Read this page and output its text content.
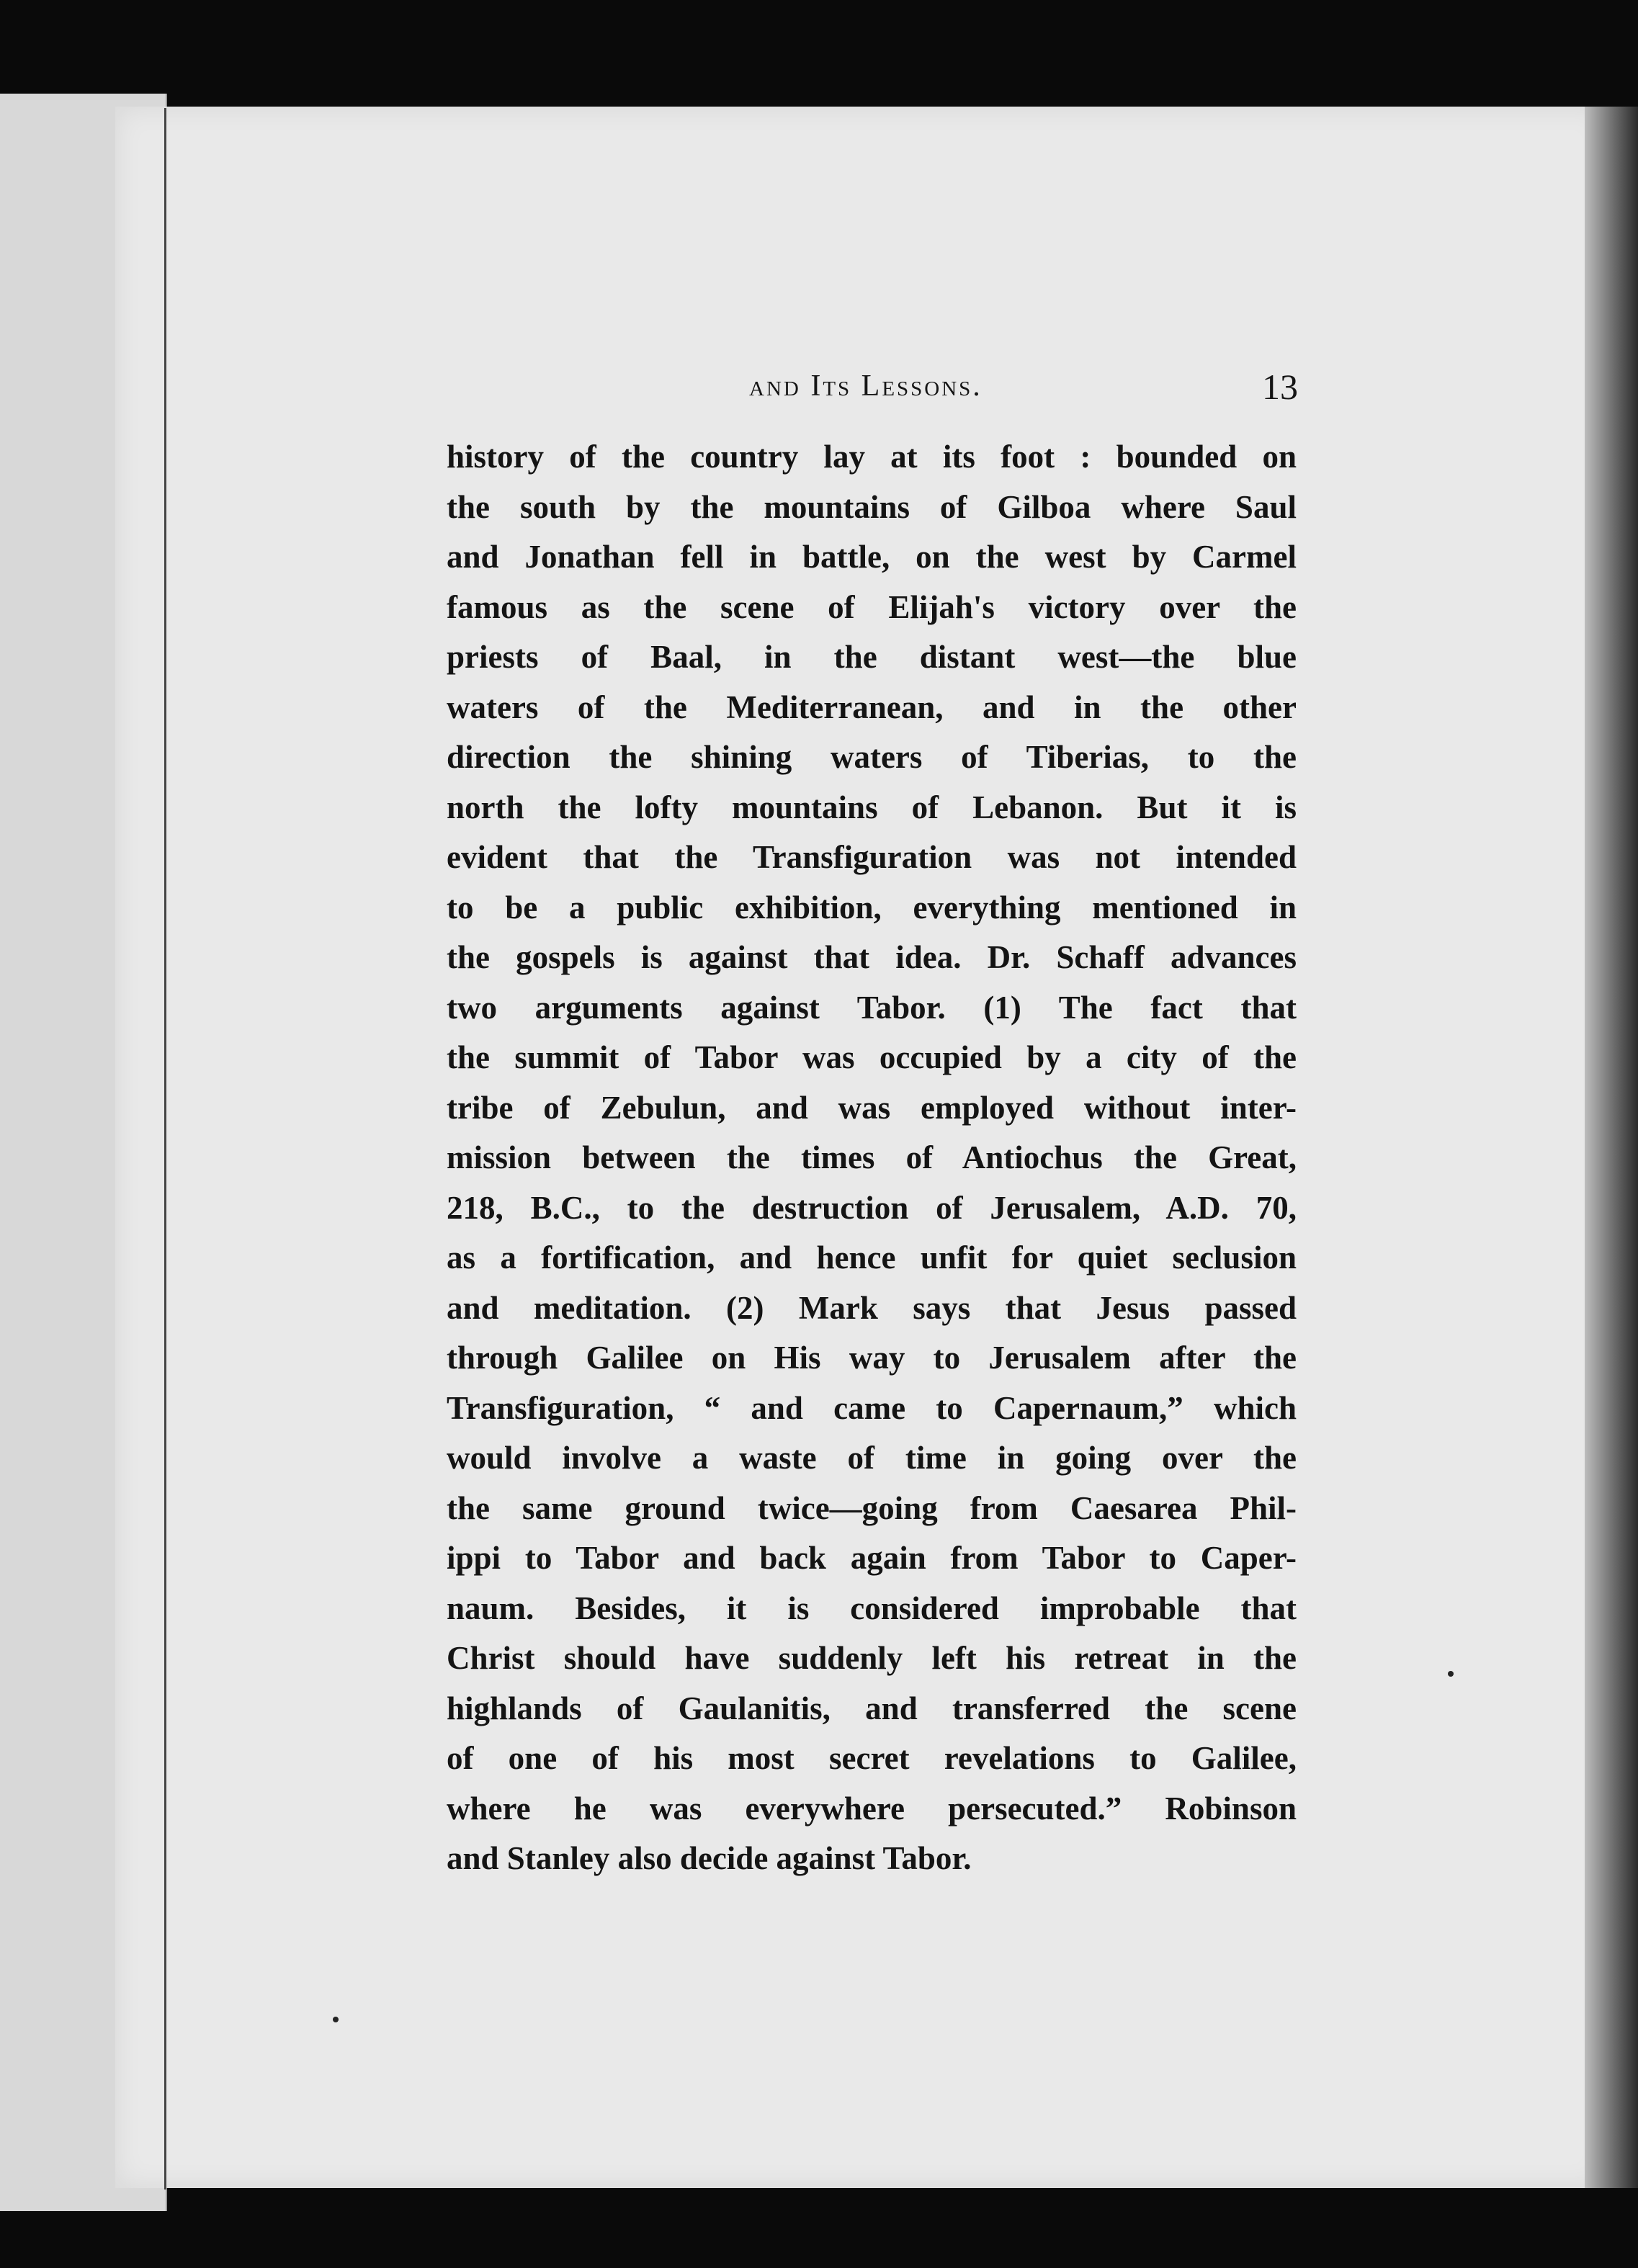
and Its Lessons.	13
history of the country lay at its foot : bounded on
the south by the mountains of Gilboa where Saul
and Jonathan fell in battle, on the west by Carmel
famous as the scene of Elijah's victory over the
priests of Baal, in the distant west—the blue
waters of the Mediterranean, and in the other
direction the shining waters of Tiberias, to the
north the lofty mountains of Lebanon. But it is
evident that the Transfiguration was not intended
to be a public exhibition, everything mentioned in
the gospels is against that idea. Dr. Schaff advances
two arguments against Tabor. (1) The fact that
the summit of Tabor was occupied by a city of the
tribe of Zebulun, and was employed without inter-
mission between the times of Antiochus the Great,
218, B.C., to the destruction of Jerusalem, A.D. 70,
as a fortification, and hence unfit for quiet seclusion
and meditation. (2) Mark says that Jesus passed
through Galilee on His way to Jerusalem after the
Transfiguration, “ and came to Capernaum,” which
would involve a waste of time in going over the
the same ground twice—going from Caesarea Phil-
ippi to Tabor and back again from Tabor to Caper-
naum. Besides, it is considered improbable that
Christ should have suddenly left his retreat in the
highlands of Gaulanitis, and transferred the scene
of one of his most secret revelations to Galilee,
where he was everywhere persecuted.” Robinson
and Stanley also decide against Tabor.
